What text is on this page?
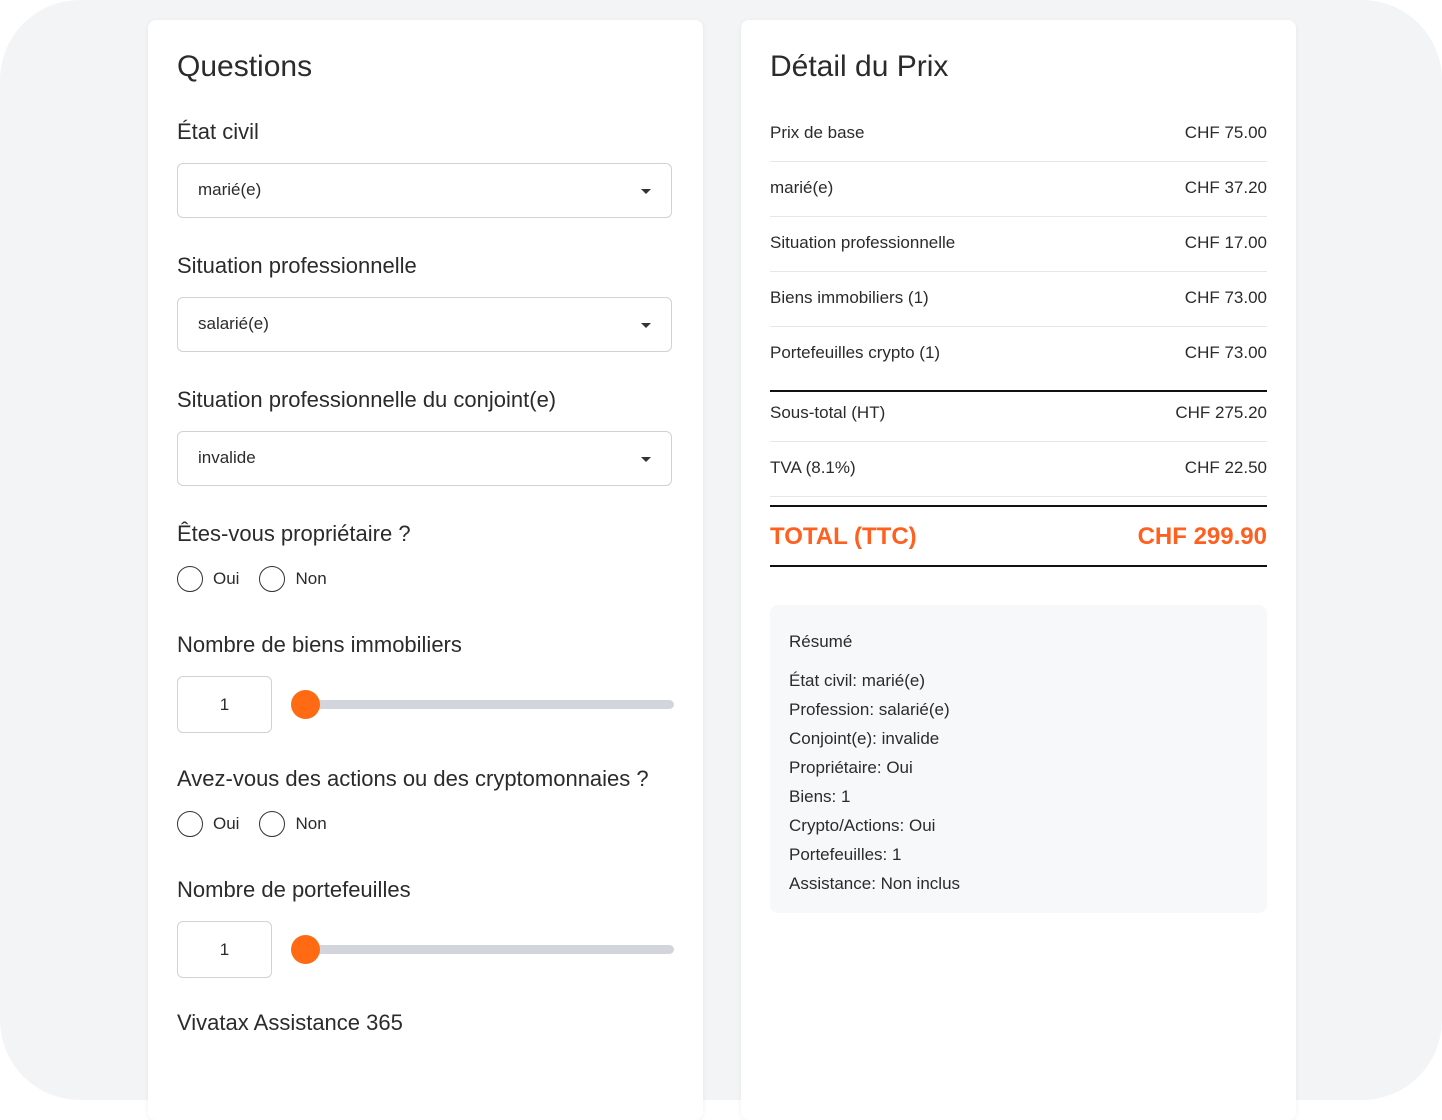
Questions
État civil
marié(e)
Situation professionnelle
salarié(e)
Situation professionnelle du conjoint(e)
invalide
Êtes-vous propriétaire ?
Oui	Non
Nombre de biens immobiliers
1
Avez-vous des actions ou des cryptomonnaies ?
Oui	Non
Nombre de portefeuilles
1
Vivatax Assistance 365
Détail du Prix
Prix de base	CHF 75.00
marié(e)	CHF 37.20
Situation professionnelle	CHF 17.00
Biens immobiliers (1)	CHF 73.00
Portefeuilles crypto (1)	CHF 73.00
Sous-total (HT)	CHF 275.20
TVA (8.1%)	CHF 22.50
TOTAL (TTC)	CHF 299.90
Résumé
État civil: marié(e)
Profession: salarié(e)
Conjoint(e): invalide
Propriétaire: Oui
Biens: 1
Crypto/Actions: Oui
Portefeuilles: 1
Assistance: Non inclus
